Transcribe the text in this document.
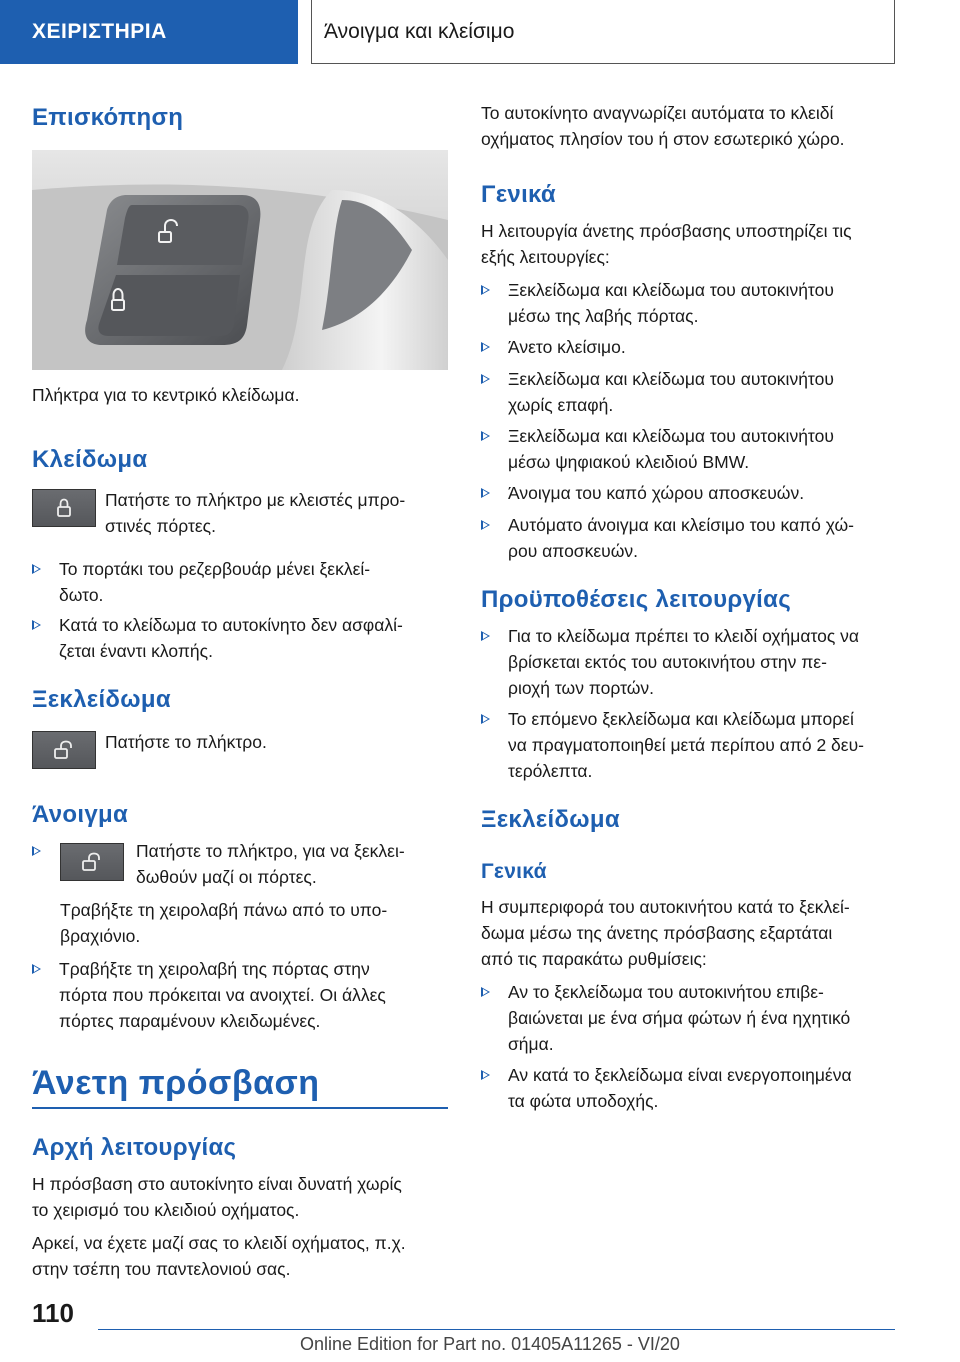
ΧΕΙΡΙΣΤΗΡΙΑ	Άνοιγμα και κλείσιμο
Επισκόπηση

Πλήκτρα για το κεντρικό κλείδωμα.

Κλείδωμα

Πατήστε το πλήκτρο με κλειστές μπρο-

στινές πόρτες.

Το πορτάκι του ρεζερβουάρ μένει ξεκλεί-
δωτο.
Κατά το κλείδωμα το αυτοκίνητο δεν ασφαλί-
ζεται έναντι κλοπής.
Ξεκλείδωμα

Πατήστε το πλήκτρο.

Άνοιγμα

Πατήστε το πλήκτρο, για να ξεκλει-

δωθούν μαζί οι πόρτες.

Τραβήξτε τη χειρολαβή πάνω από το υπο-

βραχιόνιο.

Τραβήξτε τη χειρολαβή της πόρτας στην
πόρτα που πρόκειται να ανοιχτεί. Οι άλλες
πόρτες παραμένουν κλειδωμένες.
Άνετη πρόσβαση
Αρχή λειτουργίας

Η πρόσβαση στο αυτοκίνητο είναι δυνατή χωρίς

το χειρισμό του κλειδιού οχήματος.

Αρκεί, να έχετε μαζί σας το κλειδί οχήματος, π.χ.

στην τσέπη του παντελονιού σας.

Το αυτοκίνητο αναγνωρίζει αυτόματα το κλειδί

οχήματος πλησίον του ή στον εσωτερικό χώρο.

Γενικά

Η λειτουργία άνετης πρόσβασης υποστηρίζει τις

εξής λειτουργίες:

Ξεκλείδωμα και κλείδωμα του αυτοκινήτου
μέσω της λαβής πόρτας.
Άνετο κλείσιμο.
Ξεκλείδωμα και κλείδωμα του αυτοκινήτου
χωρίς επαφή.
Ξεκλείδωμα και κλείδωμα του αυτοκινήτου
μέσω ψηφιακού κλειδιού BMW.
Άνοιγμα του καπό χώρου αποσκευών.
Αυτόματο άνοιγμα και κλείσιμο του καπό χώ-
ρου αποσκευών.
Προϋποθέσεις λειτουργίας
Για το κλείδωμα πρέπει το κλειδί οχήματος να
βρίσκεται εκτός του αυτοκινήτου στην πε-
ριοχή των πορτών.
Το επόμενο ξεκλείδωμα και κλείδωμα μπορεί
να πραγματοποιηθεί μετά περίπου από 2 δευ-
τερόλεπτα.
Ξεκλείδωμα
Γενικά

Η συμπεριφορά του αυτοκινήτου κατά το ξεκλεί-

δωμα μέσω της άνετης πρόσβασης εξαρτάται

από τις παρακάτω ρυθμίσεις:

Αν το ξεκλείδωμα του αυτοκινήτου επιβε-
βαιώνεται με ένα σήμα φώτων ή ένα ηχητικό
σήμα.
Αν κατά το ξεκλείδωμα είναι ενεργοποιημένα
τα φώτα υποδοχής.
110
Online Edition for Part no. 01405A11265 - VI/20
